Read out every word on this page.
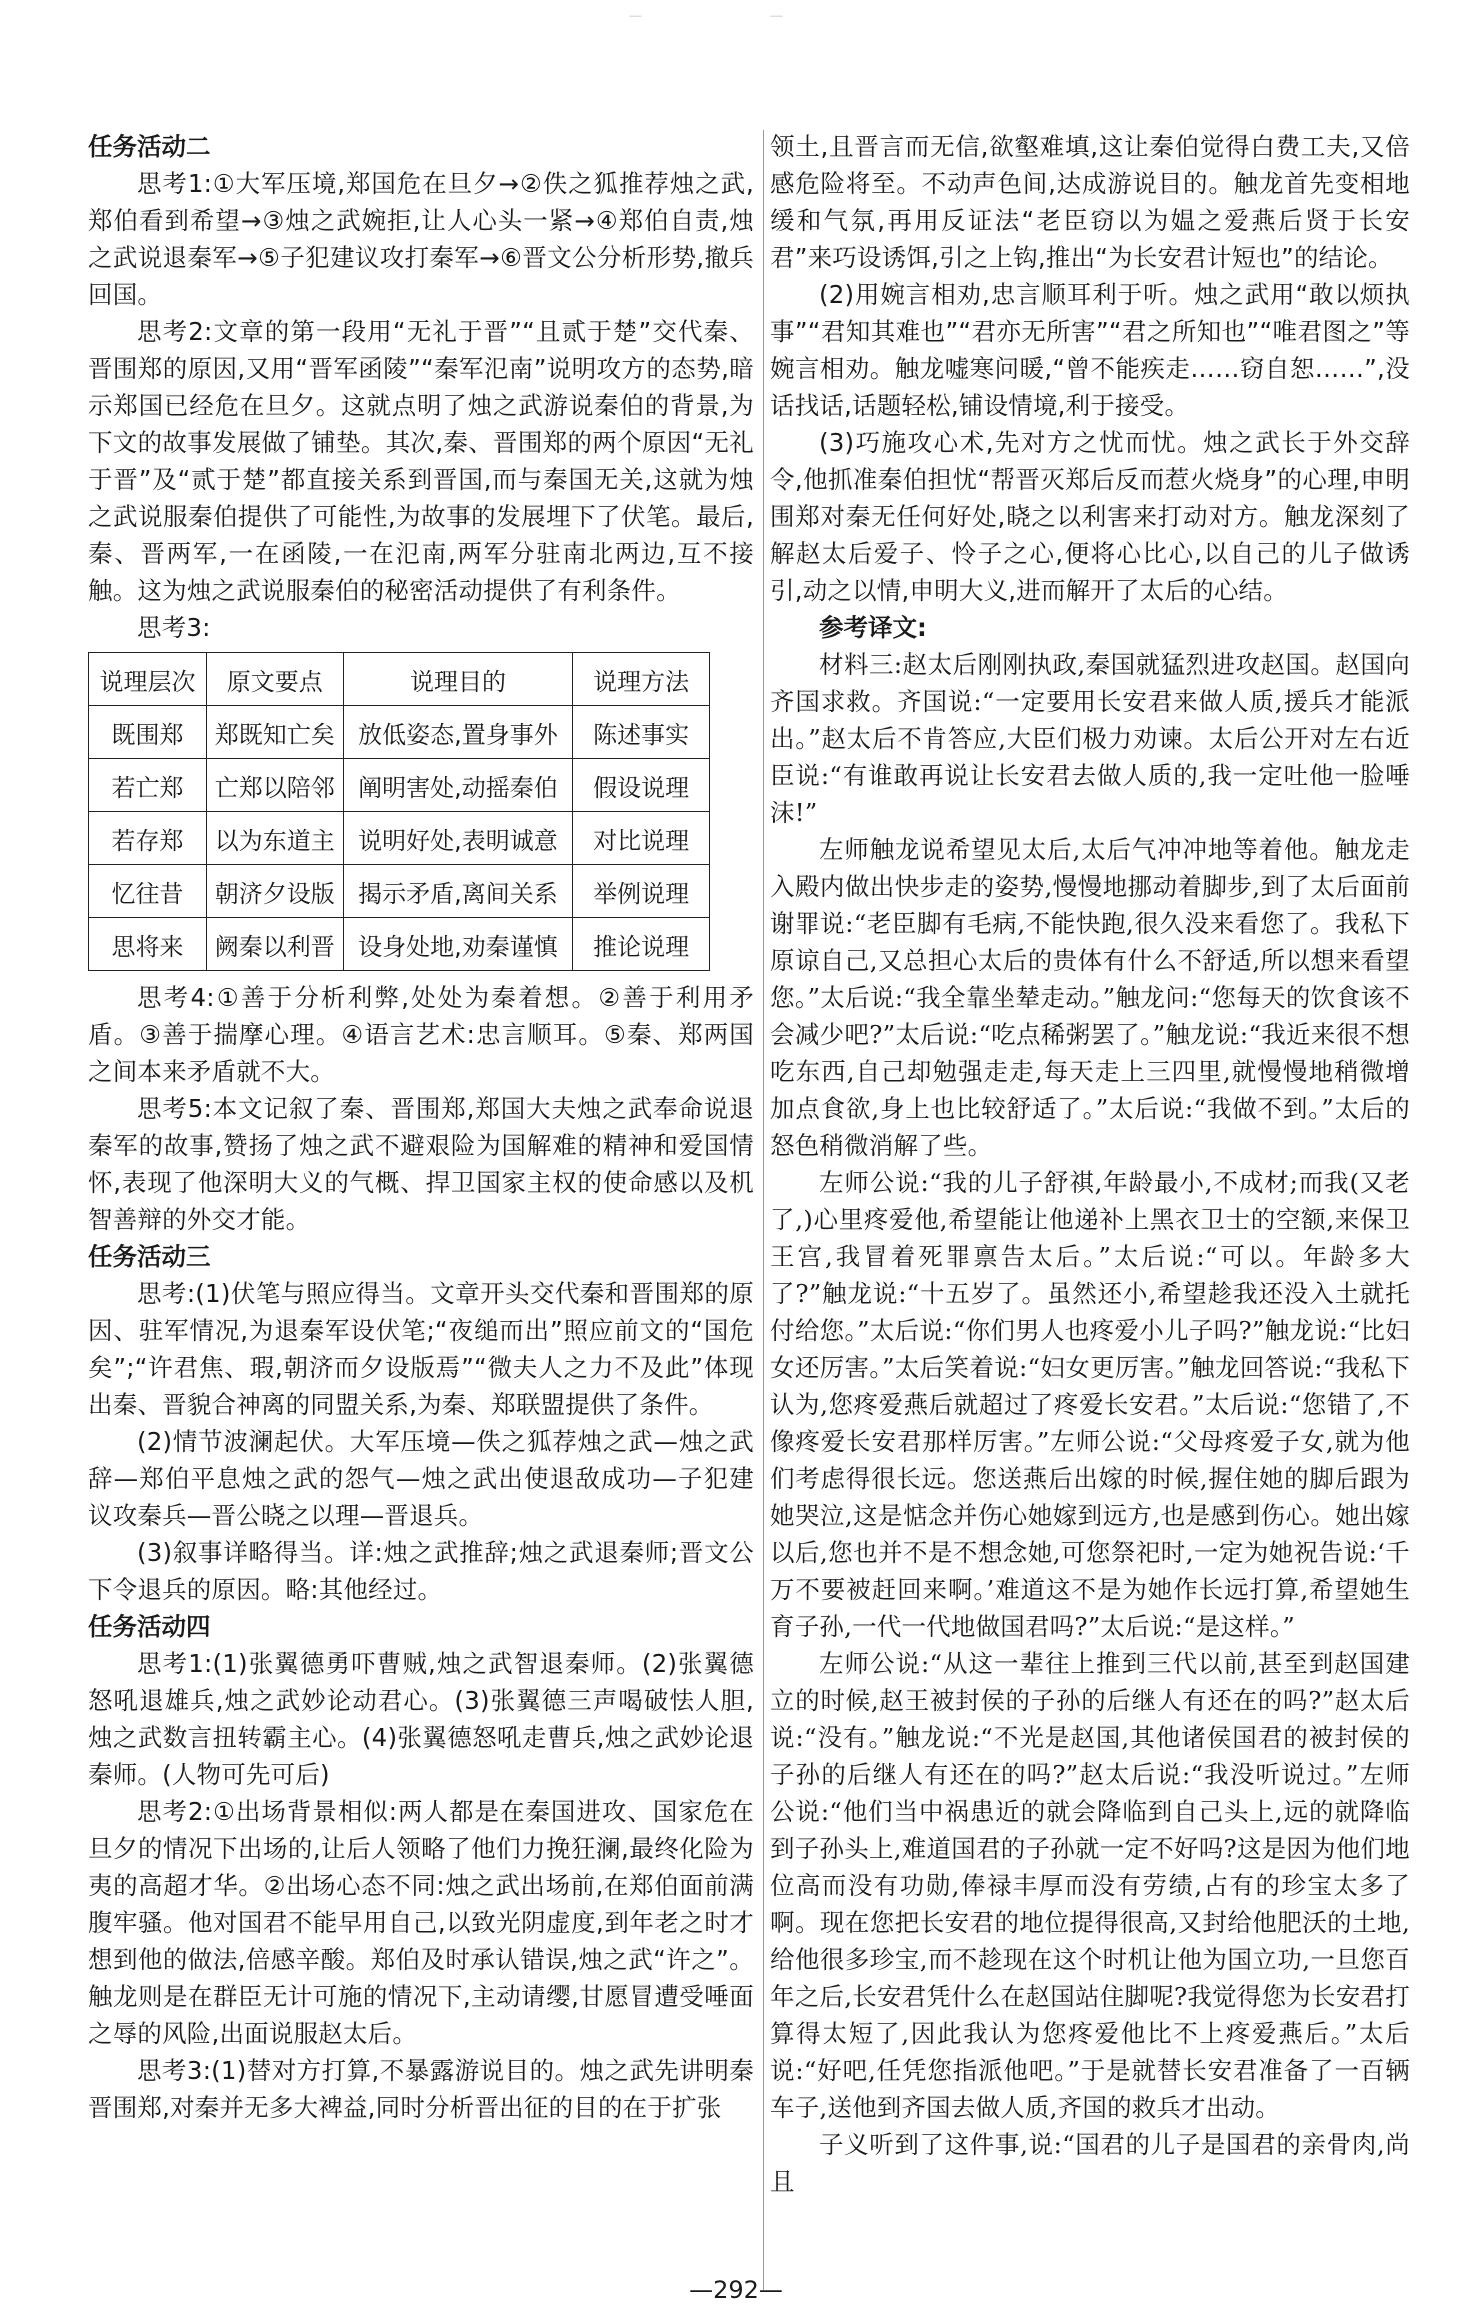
－ －
任务活动二

思考1:①大军压境,郑国危在旦夕→②佚之狐推荐烛之武,郑伯看到希望→③烛之武婉拒,让人心头一紧→④郑伯自责,烛之武说退秦军→⑤子犯建议攻打秦军→⑥晋文公分析形势,撤兵回国。

思考2:文章的第一段用“无礼于晋”“且贰于楚”交代秦、晋围郑的原因,又用“晋军函陵”“秦军氾南”说明攻方的态势,暗示郑国已经危在旦夕。这就点明了烛之武游说秦伯的背景,为下文的故事发展做了铺垫。其次,秦、晋围郑的两个原因“无礼于晋”及“贰于楚”都直接关系到晋国,而与秦国无关,这就为烛之武说服秦伯提供了可能性,为故事的发展埋下了伏笔。最后,秦、晋两军,一在函陵,一在氾南,两军分驻南北两边,互不接触。这为烛之武说服秦伯的秘密活动提供了有利条件。

思考3:

说理层次	原文要点	说理目的	说理方法
既围郑	郑既知亡矣	放低姿态,置身事外	陈述事实
若亡郑	亡郑以陪邻	阐明害处,动摇秦伯	假设说理
若存郑	以为东道主	说明好处,表明诚意	对比说理
忆往昔	朝济夕设版	揭示矛盾,离间关系	举例说理
思将来	阙秦以利晋	设身处地,劝秦谨慎	推论说理

思考4:①善于分析利弊,处处为秦着想。②善于利用矛盾。③善于揣摩心理。④语言艺术:忠言顺耳。⑤秦、郑两国之间本来矛盾就不大。

思考5:本文记叙了秦、晋围郑,郑国大夫烛之武奉命说退秦军的故事,赞扬了烛之武不避艰险为国解难的精神和爱国情怀,表现了他深明大义的气概、捍卫国家主权的使命感以及机智善辩的外交才能。

任务活动三

思考:(1)伏笔与照应得当。文章开头交代秦和晋围郑的原因、驻军情况,为退秦军设伏笔;“夜缒而出”照应前文的“国危矣”;“许君焦、瑕,朝济而夕设版焉”“微夫人之力不及此”体现出秦、晋貌合神离的同盟关系,为秦、郑联盟提供了条件。

(2)情节波澜起伏。大军压境—佚之狐荐烛之武—烛之武辞—郑伯平息烛之武的怨气—烛之武出使退敌成功—子犯建议攻秦兵—晋公晓之以理—晋退兵。

(3)叙事详略得当。详:烛之武推辞;烛之武退秦师;晋文公下令退兵的原因。略:其他经过。

任务活动四

思考1:(1)张翼德勇吓曹贼,烛之武智退秦师。(2)张翼德怒吼退雄兵,烛之武妙论动君心。(3)张翼德三声喝破怯人胆,烛之武数言扭转霸主心。(4)张翼德怒吼走曹兵,烛之武妙论退秦师。(人物可先可后)

思考2:①出场背景相似:两人都是在秦国进攻、国家危在旦夕的情况下出场的,让后人领略了他们力挽狂澜,最终化险为夷的高超才华。②出场心态不同:烛之武出场前,在郑伯面前满腹牢骚。他对国君不能早用自己,以致光阴虚度,到年老之时才想到他的做法,倍感辛酸。郑伯及时承认错误,烛之武“许之”。触龙则是在群臣无计可施的情况下,主动请缨,甘愿冒遭受唾面之辱的风险,出面说服赵太后。

思考3:(1)替对方打算,不暴露游说目的。烛之武先讲明秦晋围郑,对秦并无多大裨益,同时分析晋出征的目的在于扩张

领土,且晋言而无信,欲壑难填,这让秦伯觉得白费工夫,又倍感危险将至。不动声色间,达成游说目的。触龙首先变相地缓和气氛,再用反证法“老臣窃以为媪之爱燕后贤于长安君”来巧设诱饵,引之上钩,推出“为长安君计短也”的结论。

(2)用婉言相劝,忠言顺耳利于听。烛之武用“敢以烦执事”“君知其难也”“君亦无所害”“君之所知也”“唯君图之”等婉言相劝。触龙嘘寒问暖,“曾不能疾走……窃自恕……”,没话找话,话题轻松,铺设情境,利于接受。

(3)巧施攻心术,先对方之忧而忧。烛之武长于外交辞令,他抓准秦伯担忧“帮晋灭郑后反而惹火烧身”的心理,申明围郑对秦无任何好处,晓之以利害来打动对方。触龙深刻了解赵太后爱子、怜子之心,便将心比心,以自己的儿子做诱引,动之以情,申明大义,进而解开了太后的心结。

参考译文:

材料三:赵太后刚刚执政,秦国就猛烈进攻赵国。赵国向齐国求救。齐国说:“一定要用长安君来做人质,援兵才能派出。”赵太后不肯答应,大臣们极力劝谏。太后公开对左右近臣说:“有谁敢再说让长安君去做人质的,我一定吐他一脸唾沫!”

左师触龙说希望见太后,太后气冲冲地等着他。触龙走入殿内做出快步走的姿势,慢慢地挪动着脚步,到了太后面前谢罪说:“老臣脚有毛病,不能快跑,很久没来看您了。我私下原谅自己,又总担心太后的贵体有什么不舒适,所以想来看望您。”太后说:“我全靠坐辇走动。”触龙问:“您每天的饮食该不会减少吧?”太后说:“吃点稀粥罢了。”触龙说:“我近来很不想吃东西,自己却勉强走走,每天走上三四里,就慢慢地稍微增加点食欲,身上也比较舒适了。”太后说:“我做不到。”太后的怒色稍微消解了些。

左师公说:“我的儿子舒祺,年龄最小,不成材;而我(又老了,)心里疼爱他,希望能让他递补上黑衣卫士的空额,来保卫王宫,我冒着死罪禀告太后。”太后说:“可以。年龄多大了?”触龙说:“十五岁了。虽然还小,希望趁我还没入土就托付给您。”太后说:“你们男人也疼爱小儿子吗?”触龙说:“比妇女还厉害。”太后笑着说:“妇女更厉害。”触龙回答说:“我私下认为,您疼爱燕后就超过了疼爱长安君。”太后说:“您错了,不像疼爱长安君那样厉害。”左师公说:“父母疼爱子女,就为他们考虑得很长远。您送燕后出嫁的时候,握住她的脚后跟为她哭泣,这是惦念并伤心她嫁到远方,也是感到伤心。她出嫁以后,您也并不是不想念她,可您祭祀时,一定为她祝告说:‘千万不要被赶回来啊。’难道这不是为她作长远打算,希望她生育子孙,一代一代地做国君吗?”太后说:“是这样。”

左师公说:“从这一辈往上推到三代以前,甚至到赵国建立的时候,赵王被封侯的子孙的后继人有还在的吗?”赵太后说:“没有。”触龙说:“不光是赵国,其他诸侯国君的被封侯的子孙的后继人有还在的吗?”赵太后说:“我没听说过。”左师公说:“他们当中祸患近的就会降临到自己头上,远的就降临到子孙头上,难道国君的子孙就一定不好吗?这是因为他们地位高而没有功勋,俸禄丰厚而没有劳绩,占有的珍宝太多了啊。现在您把长安君的地位提得很高,又封给他肥沃的土地,给他很多珍宝,而不趁现在这个时机让他为国立功,一旦您百年之后,长安君凭什么在赵国站住脚呢?我觉得您为长安君打算得太短了,因此我认为您疼爱他比不上疼爱燕后。”太后说:“好吧,任凭您指派他吧。”于是就替长安君准备了一百辆车子,送他到齐国去做人质,齐国的救兵才出动。

子义听到了这件事,说:“国君的儿子是国君的亲骨肉,尚且

—292—
